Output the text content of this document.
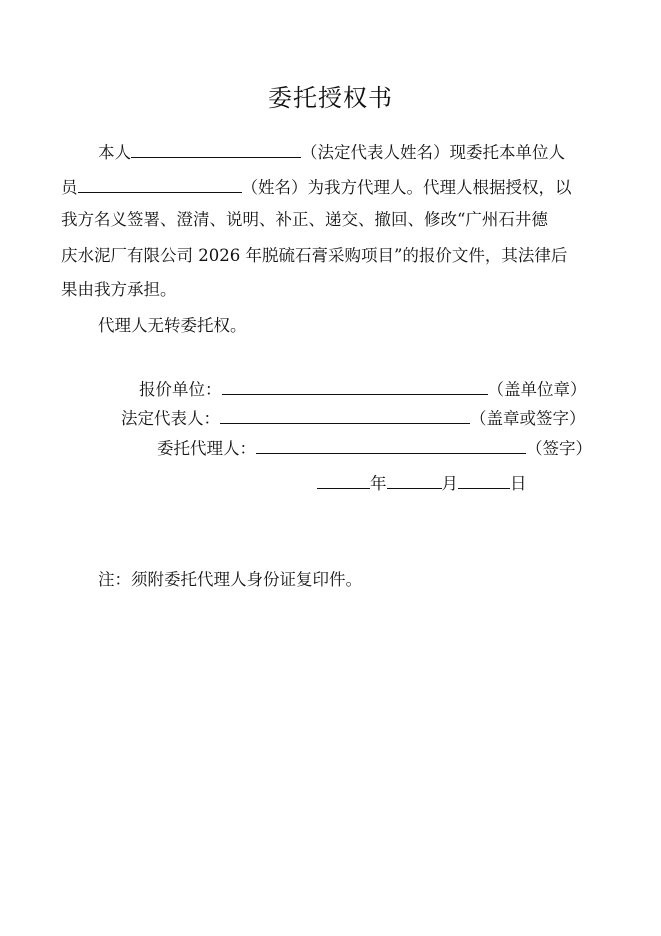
委托授权书
本人	（法定代表人姓名）现委托本单位人
员	（姓名）为我方代理人。代理人根据授权，以
我方名义签署、澄清、说明、补正、递交、撤回、修改“广州石井德
庆水泥厂有限公司 2026 年脱硫石膏采购项目”的报价文件，其法律后
果由我方承担。
代理人无转委托权。
报价单位：	（盖单位章）
法定代表人：	（盖章或签字）
委托代理人：	（签字）
年	月	日
注：须附委托代理人身份证复印件。
